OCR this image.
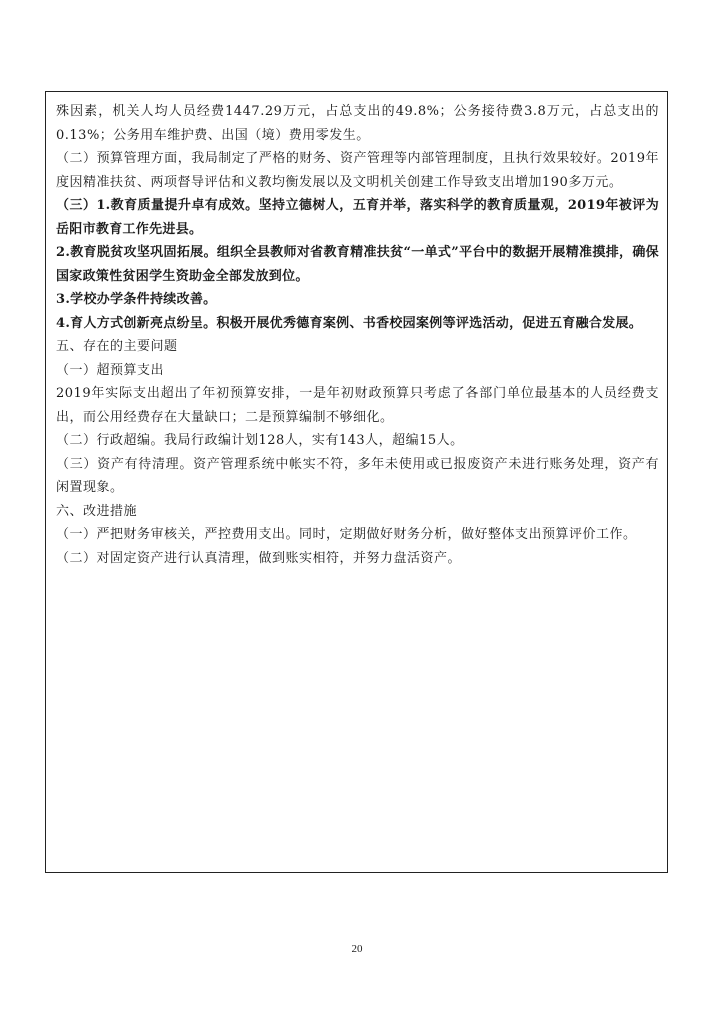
殊因素，机关人均人员经费1447.29万元，占总支出的49.8%；公务接待费3.8万元，占总支出的0.13%；公务用车维护费、出国（境）费用零发生。

（二）预算管理方面，我局制定了严格的财务、资产管理等内部管理制度，且执行效果较好。2019年度因精准扶贫、两项督导评估和义教均衡发展以及文明机关创建工作导致支出增加190多万元。

（三）1.教育质量提升卓有成效。坚持立德树人，五育并举，落实科学的教育质量观，2019年被评为岳阳市教育工作先进县。

2.教育脱贫攻坚巩固拓展。组织全县教师对省教育精准扶贫“一单式”平台中的数据开展精准摸排，确保国家政策性贫困学生资助金全部发放到位。

3.学校办学条件持续改善。

4.育人方式创新亮点纷呈。积极开展优秀德育案例、书香校园案例等评选活动，促进五育融合发展。

五、存在的主要问题

（一）超预算支出

2019年实际支出超出了年初预算安排，一是年初财政预算只考虑了各部门单位最基本的人员经费支出，而公用经费存在大量缺口；二是预算编制不够细化。

（二）行政超编。我局行政编计划128人，实有143人，超编15人。

（三）资产有待清理。资产管理系统中帐实不符，多年未使用或已报废资产未进行账务处理，资产有闲置现象。

六、改进措施

（一）严把财务审核关，严控费用支出。同时，定期做好财务分析，做好整体支出预算评价工作。

（二）对固定资产进行认真清理，做到账实相符，并努力盘活资产。

20
